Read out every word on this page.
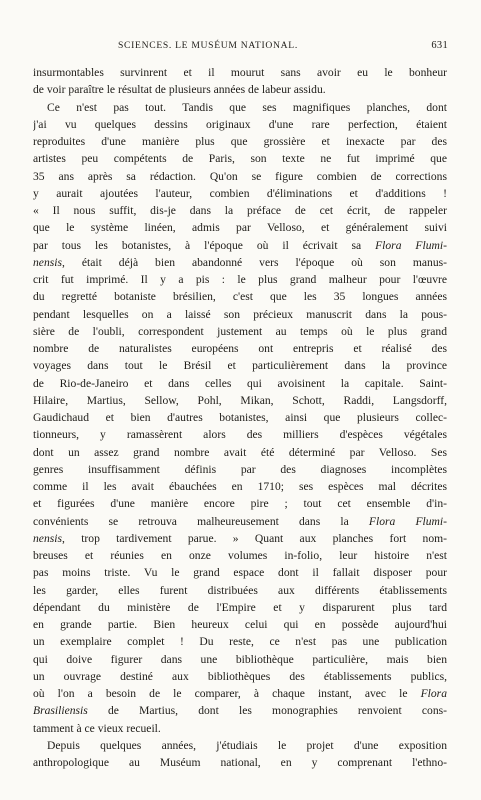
SCIENCES. LE MUSÉUM NATIONAL.	631
insurmontables survinrent et il mourut sans avoir eu le bonheur
de voir paraître le résultat de plusieurs années de labeur assidu.
Ce n'est pas tout. Tandis que ses magnifiques planches, dont
j'ai vu quelques dessins originaux d'une rare perfection, étaient
reproduites d'une manière plus que grossière et inexacte par des
artistes peu compétents de Paris, son texte ne fut imprimé que
35 ans après sa rédaction. Qu'on se figure combien de corrections
y aurait ajoutées l'auteur, combien d'éliminations et d'additions !
« Il nous suffit, dis-je dans la préface de cet écrit, de rappeler
que le système linéen, admis par Velloso, et généralement suivi
par tous les botanistes, à l'époque où il écrivait sa Flora Flumi-
nensis, était déjà bien abandonné vers l'époque où son manus-
crit fut imprimé. Il y a pis : le plus grand malheur pour l'œuvre
du regretté botaniste brésilien, c'est que les 35 longues années
pendant lesquelles on a laissé son précieux manuscrit dans la pous-
sière de l'oubli, correspondent justement au temps où le plus grand
nombre de naturalistes européens ont entrepris et réalisé des
voyages dans tout le Brésil et particulièrement dans la province
de Rio-de-Janeiro et dans celles qui avoisinent la capitale. Saint-
Hilaire, Martius, Sellow, Pohl, Mikan, Schott, Raddi, Langsdorff,
Gaudichaud et bien d'autres botanistes, ainsi que plusieurs collec-
tionneurs, y ramassèrent alors des milliers d'espèces végétales
dont un assez grand nombre avait été déterminé par Velloso. Ses
genres insuffisamment définis par des diagnoses incomplètes
comme il les avait ébauchées en 1710; ses espèces mal décrites
et figurées d'une manière encore pire ; tout cet ensemble d'in-
convénients se retrouva malheureusement dans la Flora Flumi-
nensis, trop tardivement parue. » Quant aux planches fort nom-
breuses et réunies en onze volumes in-folio, leur histoire n'est
pas moins triste. Vu le grand espace dont il fallait disposer pour
les garder, elles furent distribuées aux différents établissements
dépendant du ministère de l'Empire et y disparurent plus tard
en grande partie. Bien heureux celui qui en possède aujourd'hui
un exemplaire complet ! Du reste, ce n'est pas une publication
qui doive figurer dans une bibliothèque particulière, mais bien
un ouvrage destiné aux bibliothèques des établissements publics,
où l'on a besoin de le comparer, à chaque instant, avec le Flora
Brasiliensis de Martius, dont les monographies renvoient cons-
tamment à ce vieux recueil.
Depuis quelques années, j'étudiais le projet d'une exposition
anthropologique au Muséum national, en y comprenant l'ethno-
